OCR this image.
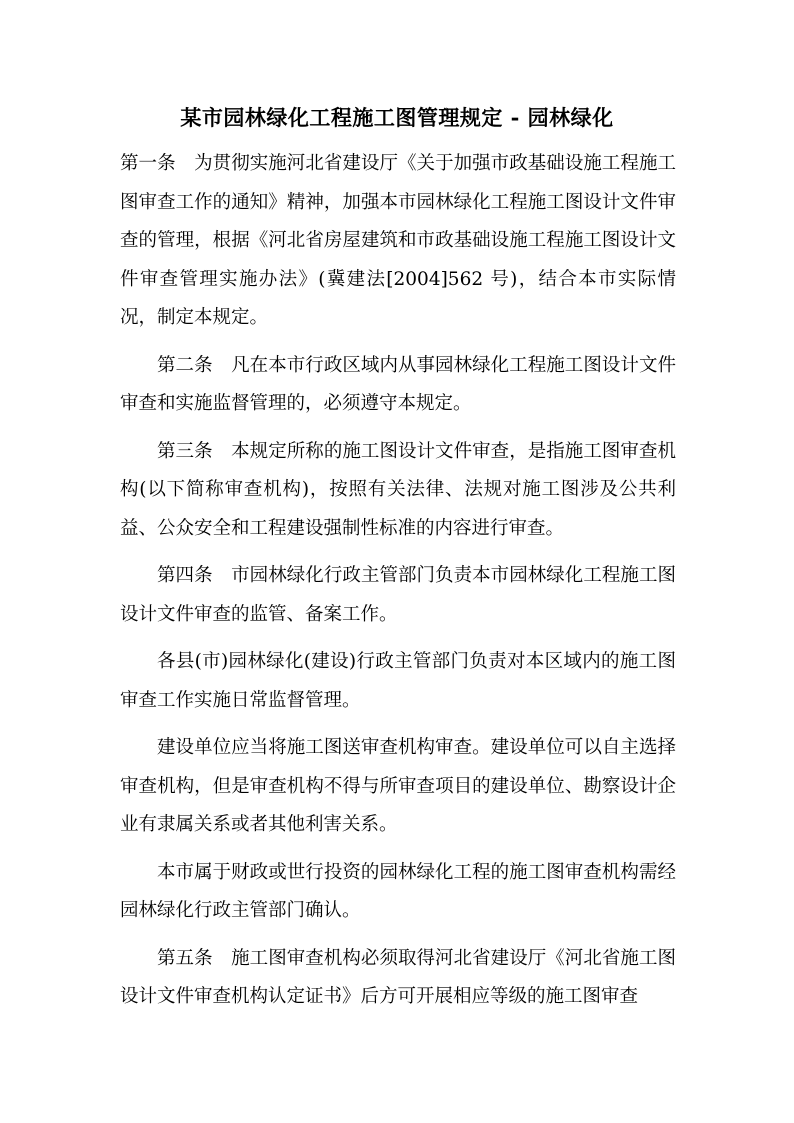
某市园林绿化工程施工图管理规定 - 园林绿化

第一条　为贯彻实施河北省建设厅《关于加强市政基础设施工程施工图审查工作的通知》精神，加强本市园林绿化工程施工图设计文件审查的管理，根据《河北省房屋建筑和市政基础设施工程施工图设计文件审查管理实施办法》(冀建法[2004]562 号)，结合本市实际情况，制定本规定。

第二条　凡在本市行政区域内从事园林绿化工程施工图设计文件审查和实施监督管理的，必须遵守本规定。

第三条　本规定所称的施工图设计文件审查，是指施工图审查机构(以下简称审查机构)，按照有关法律、法规对施工图涉及公共利益、公众安全和工程建设强制性标准的内容进行审查。

第四条　市园林绿化行政主管部门负责本市园林绿化工程施工图设计文件审查的监管、备案工作。

各县(市)园林绿化(建设)行政主管部门负责对本区域内的施工图审查工作实施日常监督管理。

建设单位应当将施工图送审查机构审查。建设单位可以自主选择审查机构，但是审查机构不得与所审查项目的建设单位、勘察设计企业有隶属关系或者其他利害关系。

本市属于财政或世行投资的园林绿化工程的施工图审查机构需经园林绿化行政主管部门确认。

第五条　施工图审查机构必须取得河北省建设厅《河北省施工图设计文件审查机构认定证书》后方可开展相应等级的施工图审查
